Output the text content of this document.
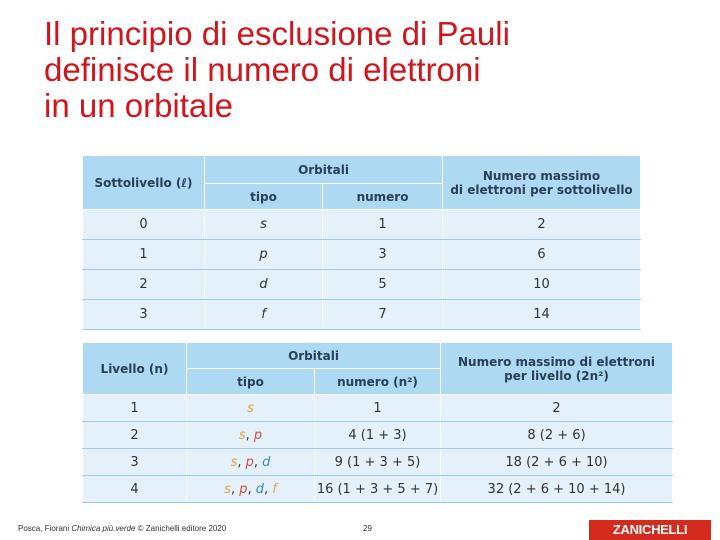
Il principio di esclusione di Pauli
definisce il numero di elettroni
in un orbitale
Sottolivello (ℓ)	Orbitali		Numero massimo
di elettroni per sottolivello
	tipo	numero	
0	s	1	2
1	p	3	6
2	d	5	10
3	f	7	14
Livello (n)	Orbitali		Numero massimo di elettroni
per livello (2n²)
	tipo	numero (n²)	
1	s	1	2
2	s, p	4 (1 + 3)	8 (2 + 6)
3	s, p, d	9 (1 + 3 + 5)	18 (2 + 6 + 10)
4	s, p, d, f	16 (1 + 3 + 5 + 7)	32 (2 + 6 + 10 + 14)
Posca, Fiorani Chimica più.verde © Zanichelli editore 2020	29	ZANICHELLI
